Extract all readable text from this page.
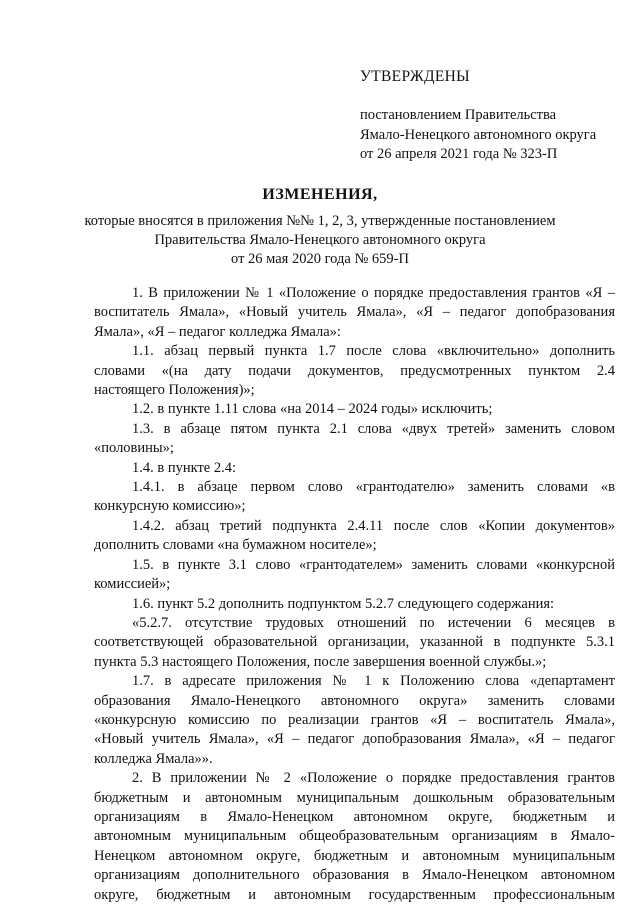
УТВЕРЖДЕНЫ
постановлением Правительства
Ямало-Ненецкого автономного округа
от 26 апреля 2021 года № 323-П
ИЗМЕНЕНИЯ,
которые вносятся в приложения №№ 1, 2, 3, утвержденные постановлением
Правительства Ямало-Ненецкого автономного округа
от 26 мая 2020 года № 659-П
1. В приложении № 1 «Положение о порядке предоставления грантов «Я –
воспитатель Ямала», «Новый учитель Ямала», «Я – педагог допобразования
Ямала», «Я – педагог колледжа Ямала»:
1.1. абзац первый пункта 1.7 после слова «включительно» дополнить
словами «(на дату подачи документов, предусмотренных пунктом 2.4
настоящего Положения)»;
1.2. в пункте 1.11 слова «на 2014 – 2024 годы» исключить;
1.3. в абзаце пятом пункта 2.1 слова «двух третей» заменить словом
«половины»;
1.4. в пункте 2.4:
1.4.1. в абзаце первом слово «грантодателю» заменить словами «в
конкурсную комиссию»;
1.4.2. абзац третий подпункта 2.4.11 после слов «Копии документов»
дополнить словами «на бумажном носителе»;
1.5. в пункте 3.1 слово «грантодателем» заменить словами «конкурсной
комиссией»;
1.6. пункт 5.2 дополнить подпунктом 5.2.7 следующего содержания:
«5.2.7. отсутствие трудовых отношений по истечении 6 месяцев в
соответствующей образовательной организации, указанной в подпункте 5.3.1
пункта 5.3 настоящего Положения, после завершения военной службы.»;
1.7. в адресате приложения № 1 к Положению слова «департамент
образования Ямало-Ненецкого автономного округа» заменить словами
«конкурсную комиссию по реализации грантов «Я – воспитатель Ямала»,
«Новый учитель Ямала», «Я – педагог допобразования Ямала», «Я – педагог
колледжа Ямала»».
2. В приложении № 2 «Положение о порядке предоставления грантов
бюджетным и автономным муниципальным дошкольным образовательным
организациям в Ямало-Ненецком автономном округе, бюджетным и
автономным муниципальным общеобразовательным организациям в Ямало-
Ненецком автономном округе, бюджетным и автономным муниципальным
организациям дополнительного образования в Ямало-Ненецком автономном
округе, бюджетным и автономным государственным профессиональным
